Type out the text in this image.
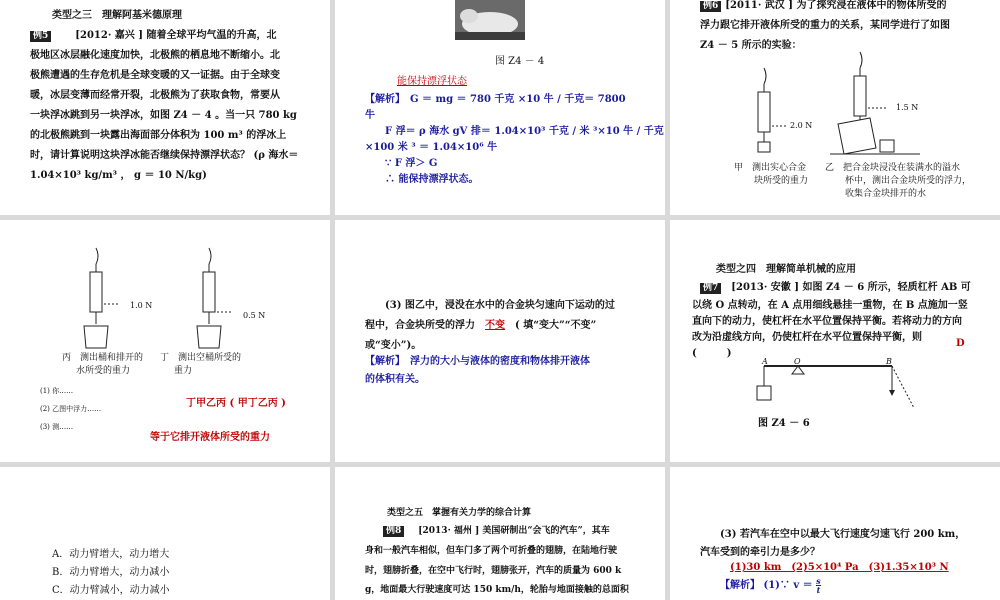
类型之三　理解阿基米德原理
例5	[2012· 嘉兴 ] 随着全球平均气温的升高，北
极地区冰层融化速度加快，北极熊的栖息地不断缩小。北
极熊遭遇的生存危机是全球变暖的又一证据。由于全球变
暖，冰层变薄而经常开裂，北极熊为了获取食物，常要从
一块浮冰跳到另一块浮冰，如图 Z4 － 4 。当一只 780 kg
的北极熊跳到一块露出海面部分体积为 100 m³ 的浮冰上
时，请计算说明这块浮冰能否继续保持漂浮状态？ (ρ 海水＝
1.04×10³ kg/m³ ， g ＝ 10 N/kg)
图 Z4 － 4
能保持漂浮状态
【解析】　G ＝ mg ＝ 780 千克 ×10 牛 / 千克＝ 7800
牛
F 浮＝ ρ 海水 gV 排＝ 1.04×10³ 千克 / 米 ³×10 牛 / 千克
×100 米 ³ ＝ 1.04×10⁶ 牛
∵ F 浮＞ G
∴ 能保持漂浮状态。
例6 [2011· 武汉 ] 为了探究浸在液体中的物体所受的
浮力跟它排开液体所受的重力的关系，某同学进行了如图
Z4 － 5 所示的实验：
2.0 N
1.5 N
甲　测出实心合金
块所受的重力
乙　把合金块浸没在装满水的溢水
杯中，测出合金块所受的浮力，
收集合金块排开的水
1.0 N
0.5 N
丙　测出桶和排开的
水所受的重力
丁　测出空桶所受的
重力
(1) 你……
(2) 乙图中浮力……
(3) 测……
丁甲乙丙 ( 甲丁乙丙 )
等于它排开液体所受的重力
(3) 图乙中，浸没在水中的合金块匀速向下运动的过
程中，合金块所受的浮力 不变 ( 填“变大”“不变”
或“变小”)。
【解析】　浮力的大小与液体的密度和物体排开液体
的体积有关。
类型之四　理解简单机械的应用
例7 [2013· 安徽 ] 如图 Z4 － 6 所示，轻质杠杆 AB 可
以绕 O 点转动，在 A 点用细线悬挂一重物，在 B 点施加一竖
直向下的动力，使杠杆在水平位置保持平衡。若将动力的方向
改为沿虚线方向，仍使杠杆在水平位置保持平衡，则
(　　　)
D
A	O	B
图 Z4 － 6
A．动力臂增大，动力增大
B．动力臂增大，动力减小
C．动力臂减小，动力减小
类型之五　掌握有关力学的综合计算
例8 [2013· 福州 ] 美国研制出“会飞的汽车”，其车
身和一般汽车相似，但车门多了两个可折叠的翅膀，在陆地行驶
时，翅膀折叠，在空中飞行时，翅膀张开，汽车的质量为 600 k
g，地面最大行驶速度可达 150 km/h，轮胎与地面接触的总面积
(3) 若汽车在空中以最大飞行速度匀速飞行 200 km，
汽车受到的牵引力是多少？
(1)30 km　(2)5×10⁴ Pa　(3)1.35×10³ N
【解析】 (1)∵ $v = \frac{s}{t}$
